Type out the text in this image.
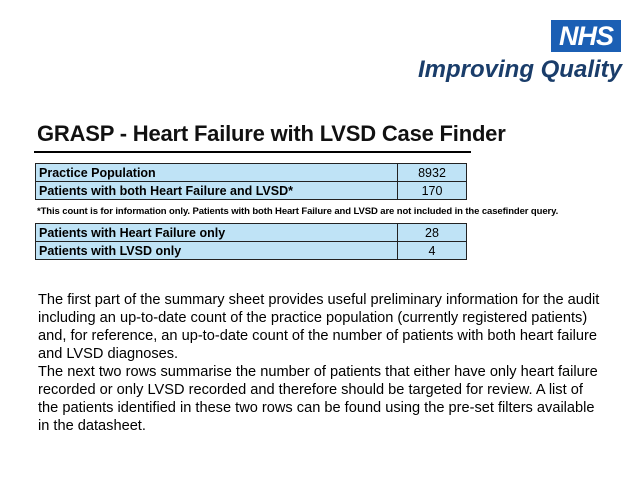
NHS
Improving Quality
GRASP - Heart Failure with LVSD Case Finder
Practice Population	8932
Patients with both Heart Failure and LVSD*	170
*This count is for information only. Patients with both Heart Failure and LVSD are not included in the casefinder query.
Patients with Heart Failure only	28
Patients with LVSD only	4

The first part of the summary sheet provides useful preliminary information for the audit including an up-to-date count of the practice population (currently registered patients) and, for reference, an up-to-date count of the number of patients with both heart failure and LVSD diagnoses.

The next two rows summarise the number of patients that either have only heart failure recorded or only LVSD recorded and therefore should be targeted for review. A list of the patients identified in these two rows can be found using the pre-set filters available in the datasheet.
